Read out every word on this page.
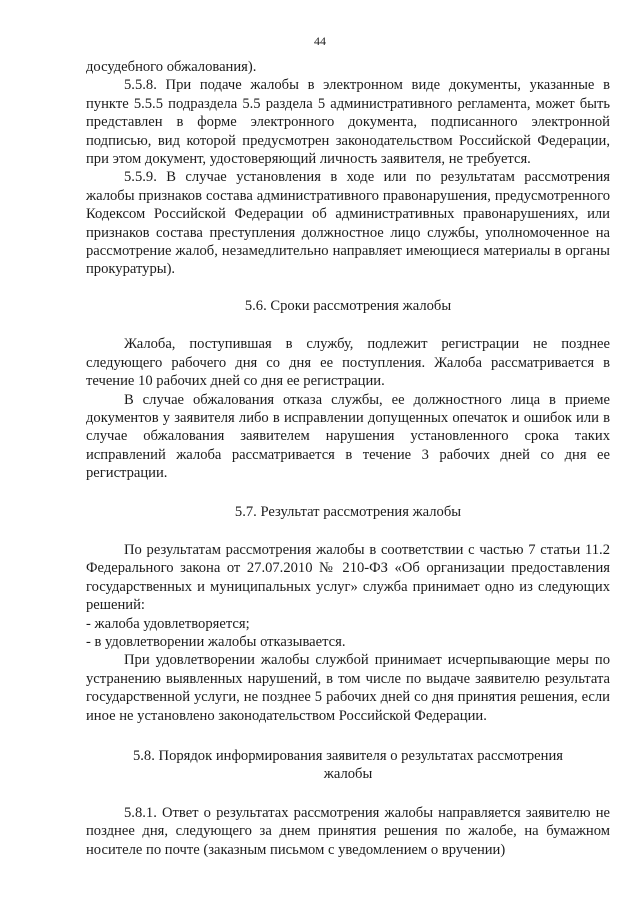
44

досудебного обжалования).

5.5.8. При подаче жалобы в электронном виде документы, указанные в пункте 5.5.5 подраздела 5.5 раздела 5 административного регламента, может быть представлен в форме электронного документа, подписанного электронной подписью, вид которой предусмотрен законодательством Российской Федерации, при этом документ, удостоверяющий личность заявителя, не требуется.

5.5.9. В случае установления в ходе или по результатам рассмотрения жалобы признаков состава административного правонарушения, предусмотренного Кодексом Российской Федерации об административных правонарушениях, или признаков состава преступления должностное лицо службы, уполномоченное на рассмотрение жалоб, незамедлительно направляет имеющиеся материалы в органы прокуратуры).

5.6. Сроки рассмотрения жалобы

Жалоба, поступившая в службу, подлежит регистрации не позднее следующего рабочего дня со дня ее поступления. Жалоба рассматривается в течение 10 рабочих дней со дня ее регистрации.

В случае обжалования отказа службы, ее должностного лица в приеме документов у заявителя либо в исправлении допущенных опечаток и ошибок или в случае обжалования заявителем нарушения установленного срока таких исправлений жалоба рассматривается в течение 3 рабочих дней со дня ее регистрации.

5.7. Результат рассмотрения жалобы

По результатам рассмотрения жалобы в соответствии с частью 7 статьи 11.2 Федерального закона от 27.07.2010 № 210-ФЗ «Об организации предоставления государственных и муниципальных услуг» служба принимает одно из следующих решений:

- жалоба удовлетворяется;

- в удовлетворении жалобы отказывается.

При удовлетворении жалобы службой принимает исчерпывающие меры по устранению выявленных нарушений, в том числе по выдаче заявителю результата государственной услуги, не позднее 5 рабочих дней со дня принятия решения, если иное не установлено законодательством Российской Федерации.

5.8. Порядок информирования заявителя о результатах рассмотрения
жалобы

5.8.1. Ответ о результатах рассмотрения жалобы направляется заявителю не позднее дня, следующего за днем принятия решения по жалобе, на бумажном носителе по почте (заказным письмом с уведомлением о вручении)
